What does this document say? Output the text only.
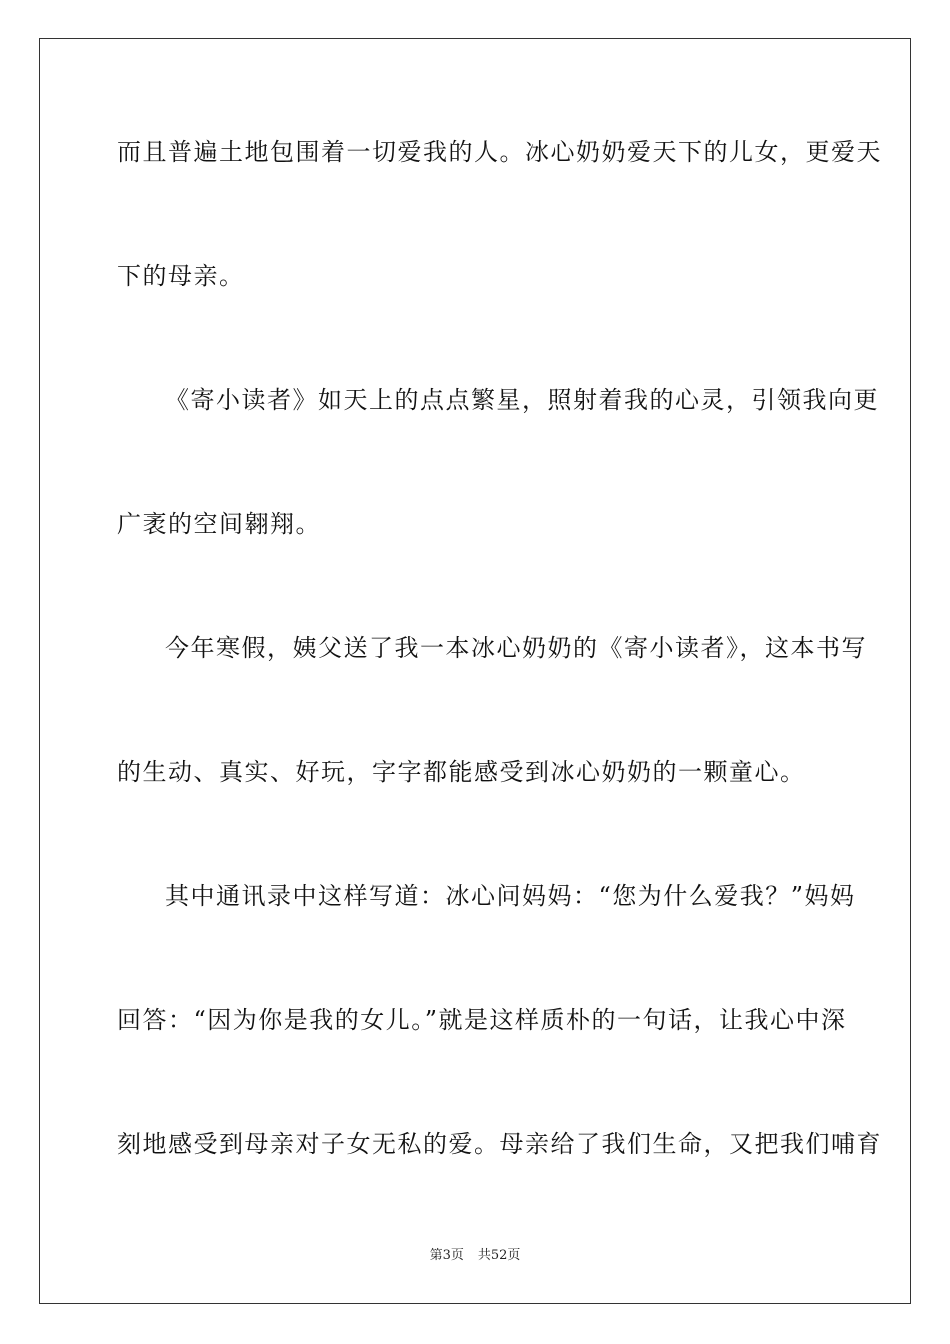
而且普遍土地包围着一切爱我的人。冰心奶奶爱天下的儿女，更爱天

下的母亲。

《寄小读者》如天上的点点繁星，照射着我的心灵，引领我向更

广袤的空间翱翔。

今年寒假，姨父送了我一本冰心奶奶的《寄小读者》，这本书写

的生动、真实、好玩，字字都能感受到冰心奶奶的一颗童心。

其中通讯录中这样写道：冰心问妈妈：“您为什么爱我？”妈妈

回答：“因为你是我的女儿。”就是这样质朴的一句话，让我心中深

刻地感受到母亲对子女无私的爱。母亲给了我们生命，又把我们哺育

第3页 共52页
